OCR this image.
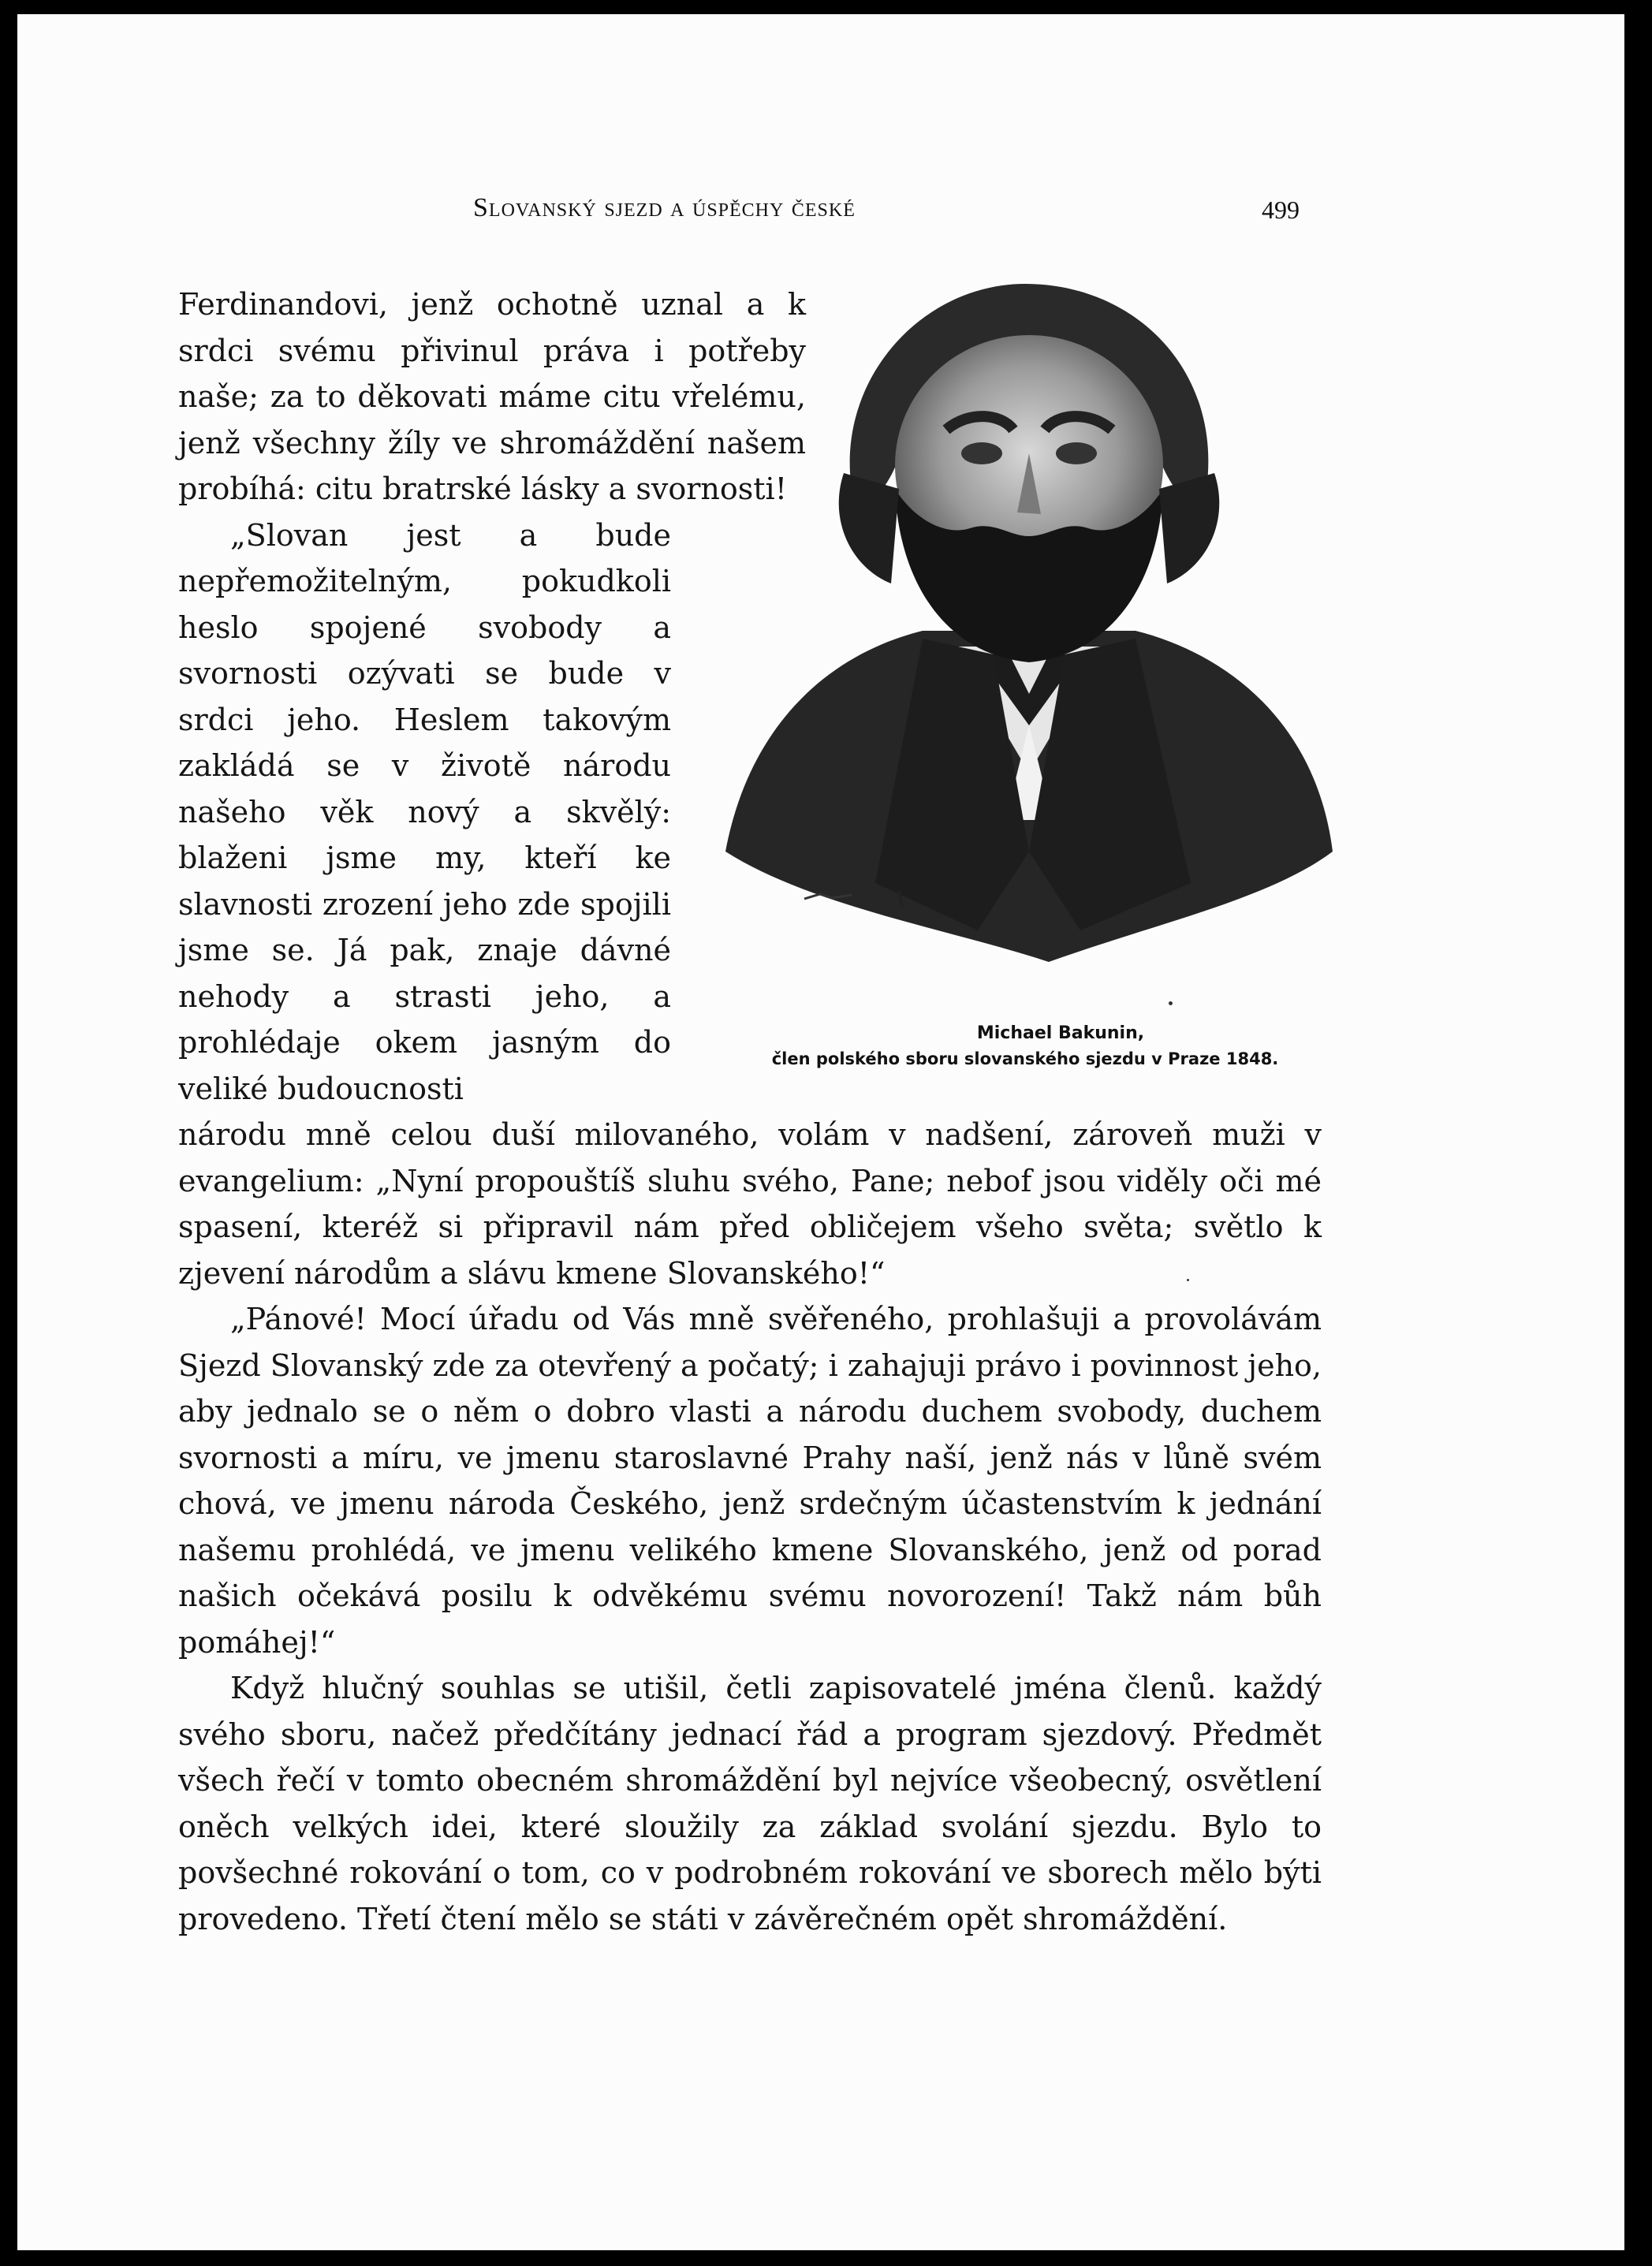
Slovanský sjezd a úspěchy české	499

Ferdinandovi, jenž ochotně uznal a k srdci svému přivinul práva i potřeby naše; za to děkovati máme citu vřelému, jenž všechny žíly ve shromáždění našem probíhá: citu bratrské lásky a svornosti!

„Slovan jest a bude nepřemožitelným, pokudkoli heslo spojené svobody a svornosti ozývati se bude v srdci jeho. Heslem takovým zakládá se v životě národu našeho věk nový a skvělý: blaženi jsme my, kteří ke slavnosti zrození jeho zde spojili jsme se. Já pak, znaje dávné nehody a strasti jeho, a prohlédaje okem jasným do veliké budoucnosti

Michael Bakunin,
člen polského sboru slovanského sjezdu v Praze 1848.

národu mně celou duší milovaného, volám v nadšení, zároveň muži v evangelium: „Nyní propouštíš sluhu svého, Pane; nebof jsou viděly oči mé spasení, kteréž si připravil nám před obličejem všeho světa; světlo k zjevení národům a slávu kmene Slovanského!“

„Pánové! Mocí úřadu od Vás mně svěřeného, prohlašuji a provolávám Sjezd Slovanský zde za otevřený a počatý; i zahajuji právo i povinnost jeho, aby jednalo se o něm o dobro vlasti a národu duchem svobody, duchem svornosti a míru, ve jmenu staroslavné Prahy naší, jenž nás v lůně svém chová, ve jmenu národa Českého, jenž srdečným účastenstvím k jednání našemu prohlédá, ve jmenu velikého kmene Slovanského, jenž od porad našich očekává posilu k odvěkému svému novorození! Takž nám bůh pomáhej!“

Když hlučný souhlas se utišil, četli zapisovatelé jména členů. každý svého sboru, načež předčítány jednací řád a program sjezdový. Předmět všech řečí v tomto obecném shromáždění byl nejvíce všeobecný, osvětlení oněch velkých idei, které sloužily za základ svolání sjezdu. Bylo to povšechné rokování o tom, co v podrobném rokování ve sborech mělo býti provedeno. Třetí čtení mělo se státi v závěrečném opět shromáždění.
